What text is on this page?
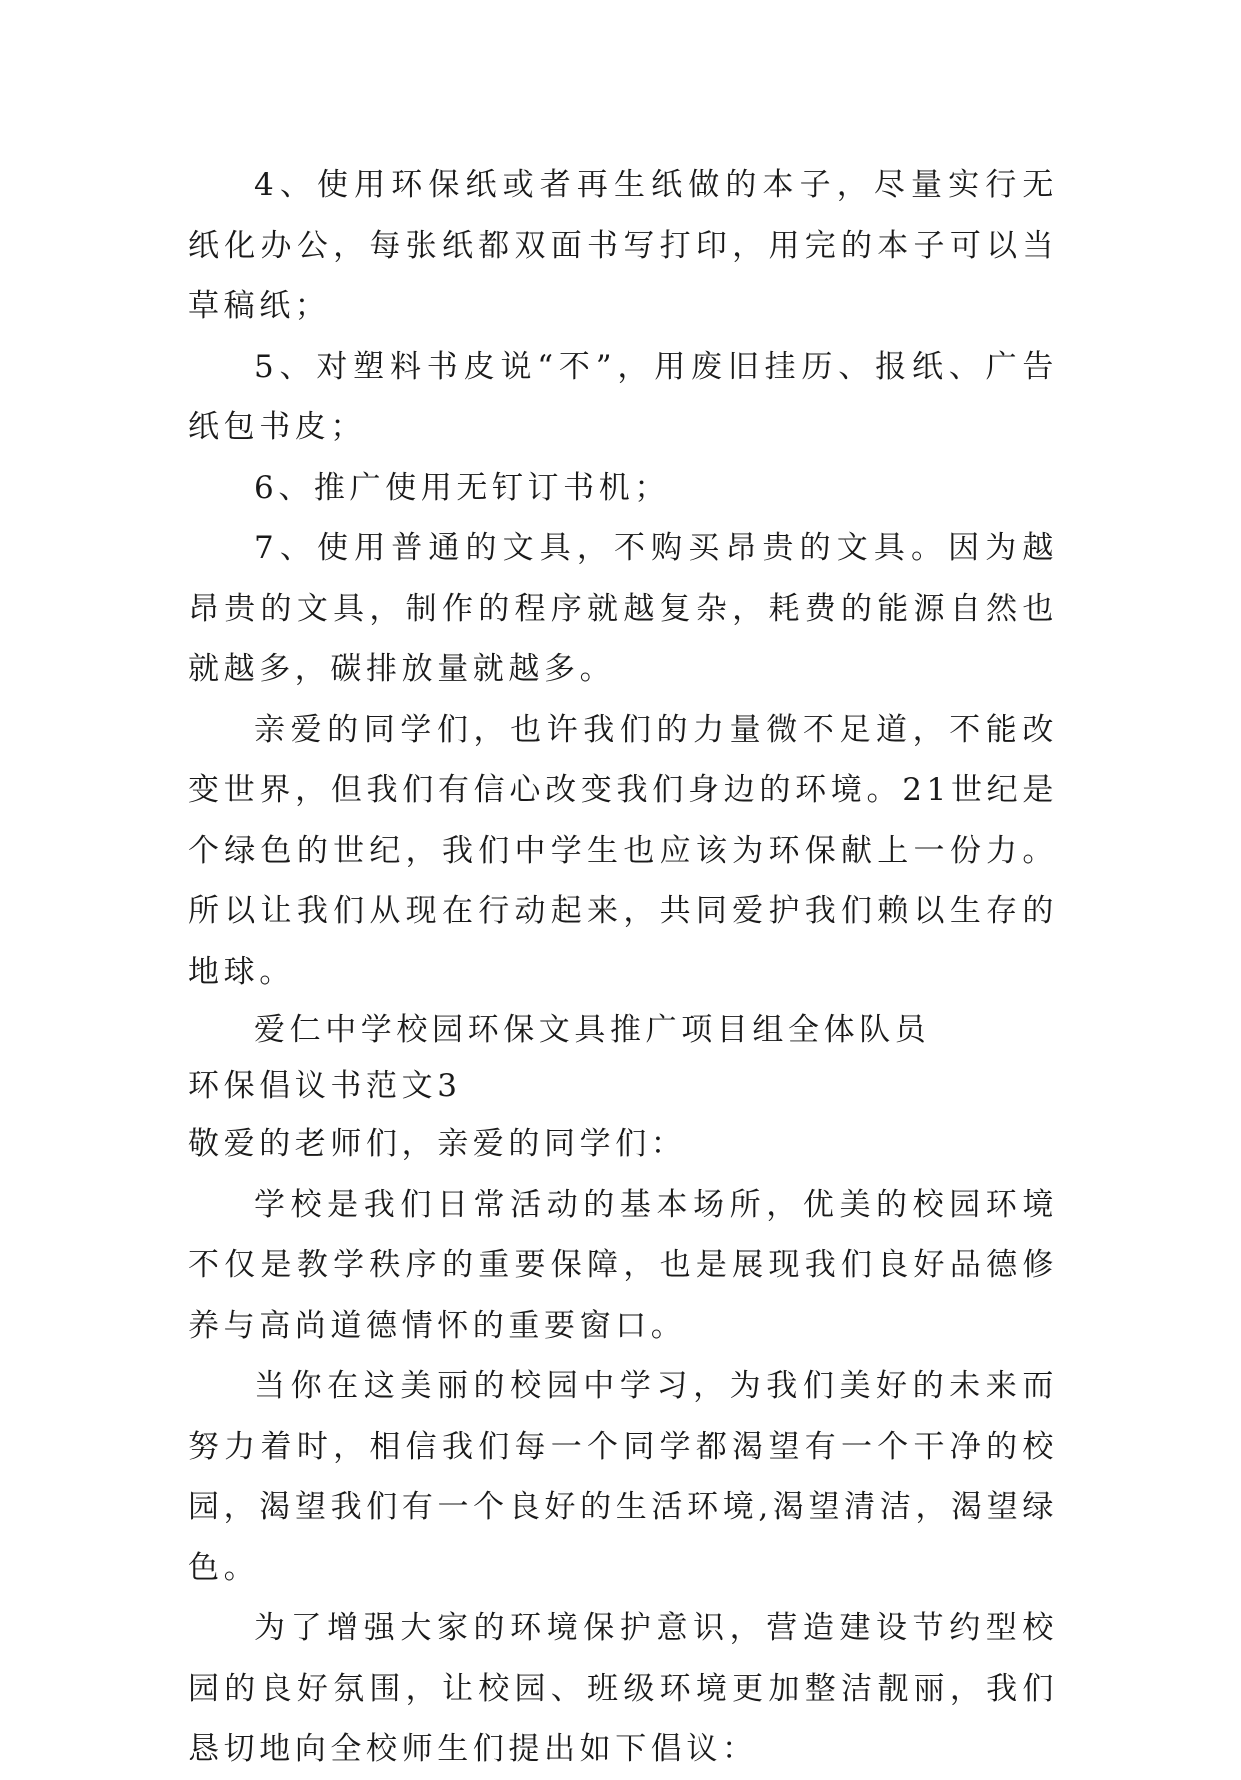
4、使用环保纸或者再生纸做的本子，尽量实行无纸化办公，每张纸都双面书写打印，用完的本子可以当草稿纸；

5、对塑料书皮说“不”，用废旧挂历、报纸、广告纸包书皮；

6、推广使用无钉订书机；

7、使用普通的文具，不购买昂贵的文具。因为越昂贵的文具，制作的程序就越复杂，耗费的能源自然也就越多，碳排放量就越多。

亲爱的同学们，也许我们的力量微不足道，不能改变世界，但我们有信心改变我们身边的环境。21世纪是个绿色的世纪，我们中学生也应该为环保献上一份力。所以让我们从现在行动起来，共同爱护我们赖以生存的地球。

爱仁中学校园环保文具推广项目组全体队员

环保倡议书范文3

敬爱的老师们，亲爱的同学们：

学校是我们日常活动的基本场所，优美的校园环境不仅是教学秩序的重要保障，也是展现我们良好品德修养与高尚道德情怀的重要窗口。

当你在这美丽的校园中学习，为我们美好的未来而努力着时，相信我们每一个同学都渴望有一个干净的校园，渴望我们有一个良好的生活环境,渴望清洁，渴望绿色。

为了增强大家的环境保护意识，营造建设节约型校园的良好氛围，让校园、班级环境更加整洁靓丽，我们恳切地向全校师生们提出如下倡议：
